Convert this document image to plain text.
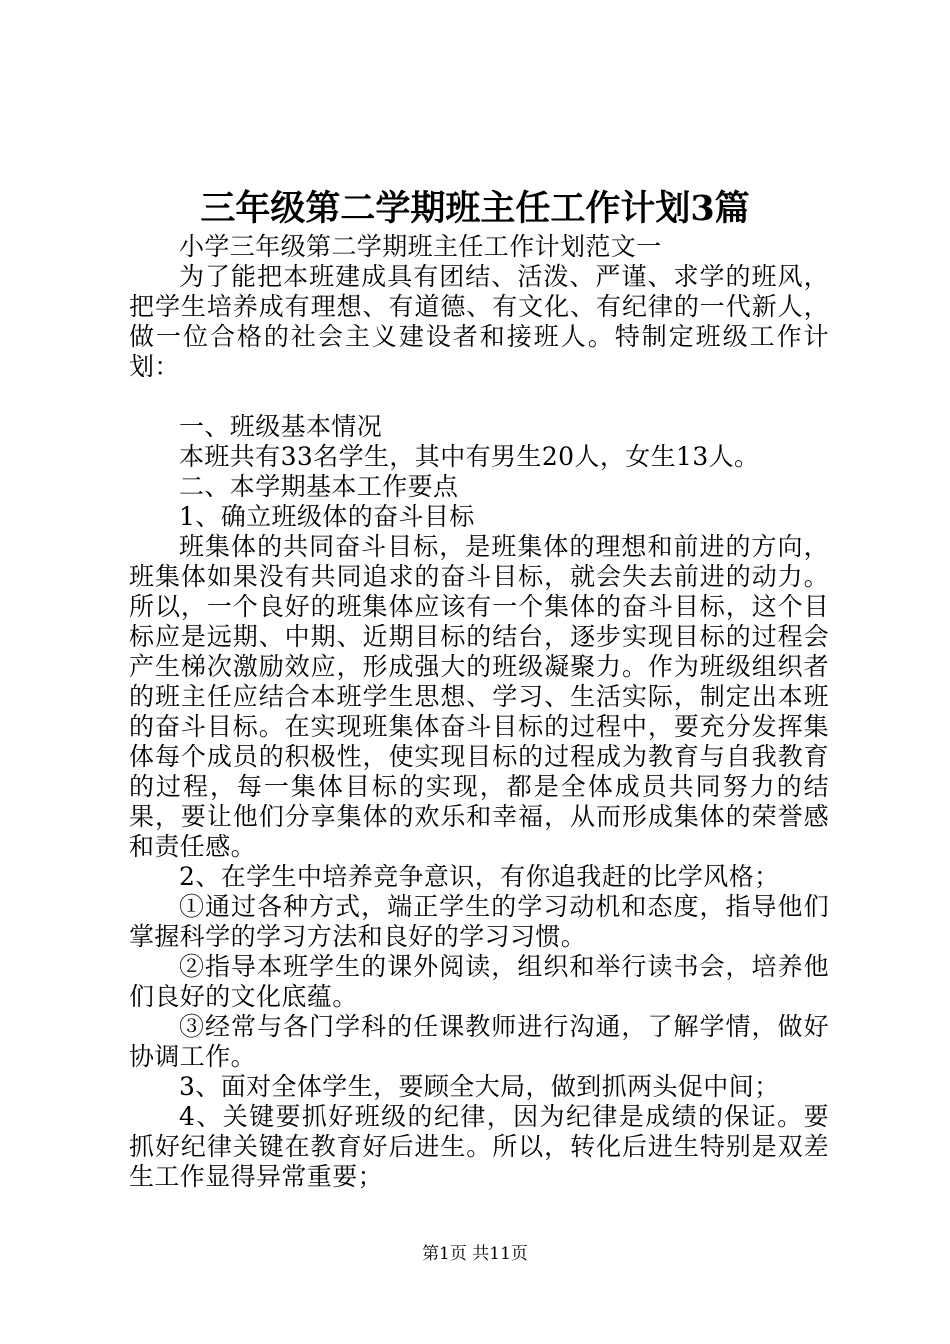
三年级第二学期班主任工作计划3篇

小学三年级第二学期班主任工作计划范文一

为了能把本班建成具有团结、活泼、严谨、求学的班风，把学生培养成有理想、有道德、有文化、有纪律的一代新人，做一位合格的社会主义建设者和接班人。特制定班级工作计划：

一、班级基本情况

本班共有33名学生，其中有男生20人，女生13人。

二、本学期基本工作要点

1、确立班级体的奋斗目标

班集体的共同奋斗目标，是班集体的理想和前进的方向，班集体如果没有共同追求的奋斗目标，就会失去前进的动力。所以，一个良好的班集体应该有一个集体的奋斗目标，这个目标应是远期、中期、近期目标的结台，逐步实现目标的过程会产生梯次激励效应，形成强大的班级凝聚力。作为班级组织者的班主任应结合本班学生思想、学习、生活实际，制定出本班的奋斗目标。在实现班集体奋斗目标的过程中，要充分发挥集体每个成员的积极性，使实现目标的过程成为教育与自我教育的过程，每一集体目标的实现，都是全体成员共同努力的结果，要让他们分享集体的欢乐和幸福，从而形成集体的荣誉感和责任感。

2、在学生中培养竞争意识，有你追我赶的比学风格；

①通过各种方式，端正学生的学习动机和态度，指导他们掌握科学的学习方法和良好的学习习惯。

②指导本班学生的课外阅读，组织和举行读书会，培养他们良好的文化底蕴。

③经常与各门学科的任课教师进行沟通，了解学情，做好协调工作。

3、面对全体学生，要顾全大局，做到抓两头促中间；

4、关键要抓好班级的纪律，因为纪律是成绩的保证。要抓好纪律关键在教育好后进生。所以，转化后进生特别是双差生工作显得异常重要；

第1页 共11页
